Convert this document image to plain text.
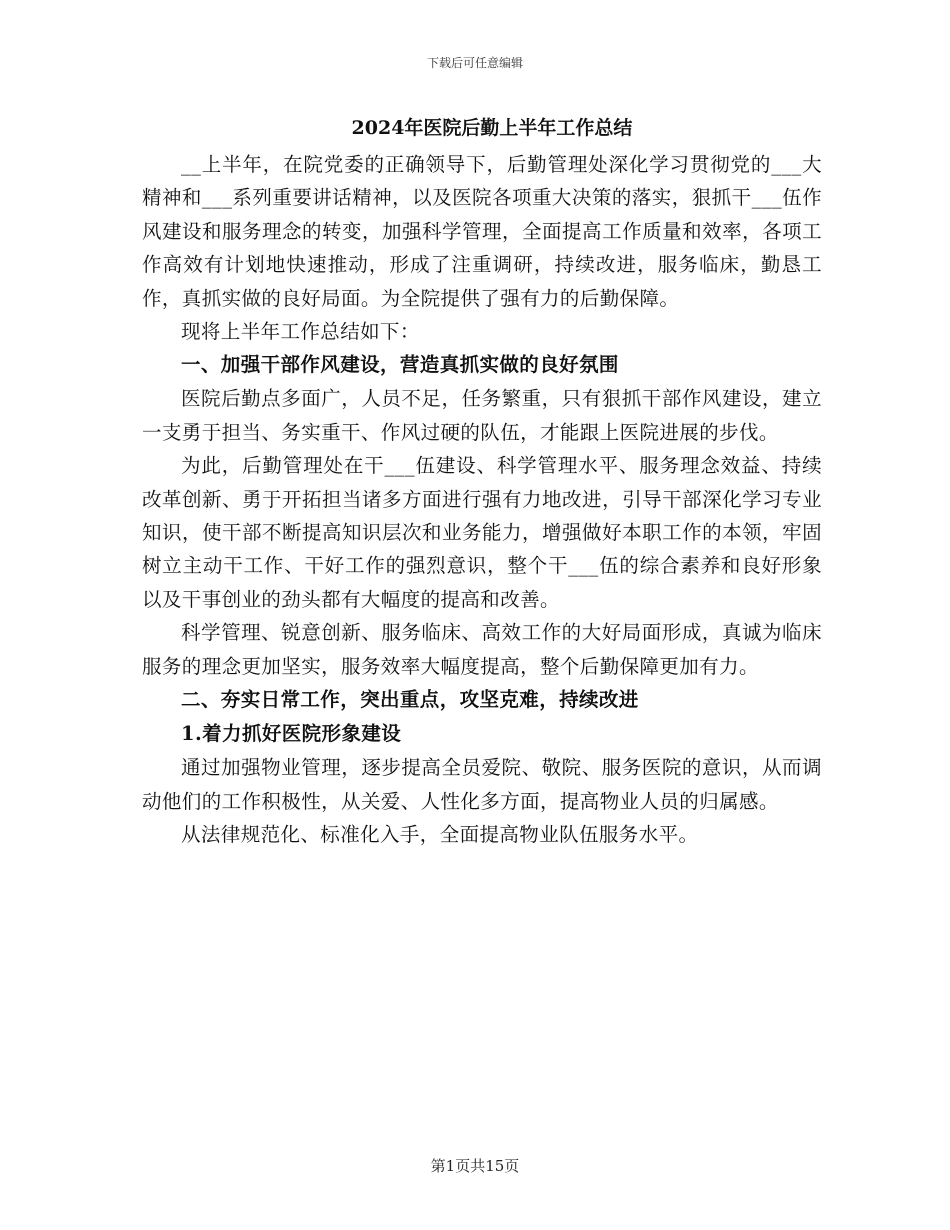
下载后可任意编辑
2024年医院后勤上半年工作总结

__上半年，在院党委的正确领导下，后勤管理处深化学习贯彻党的___大精神和___系列重要讲话精神，以及医院各项重大决策的落实，狠抓干___伍作风建设和服务理念的转变，加强科学管理，全面提高工作质量和效率，各项工作高效有计划地快速推动，形成了注重调研，持续改进，服务临床，勤恳工作，真抓实做的良好局面。为全院提供了强有力的后勤保障。

现将上半年工作总结如下：

一、加强干部作风建设，营造真抓实做的良好氛围

医院后勤点多面广，人员不足，任务繁重，只有狠抓干部作风建设，建立一支勇于担当、务实重干、作风过硬的队伍，才能跟上医院进展的步伐。

为此，后勤管理处在干___伍建设、科学管理水平、服务理念效益、持续改革创新、勇于开拓担当诸多方面进行强有力地改进，引导干部深化学习专业知识，使干部不断提高知识层次和业务能力，增强做好本职工作的本领，牢固树立主动干工作、干好工作的强烈意识，整个干___伍的综合素养和良好形象以及干事创业的劲头都有大幅度的提高和改善。

科学管理、锐意创新、服务临床、高效工作的大好局面形成，真诚为临床服务的理念更加坚实，服务效率大幅度提高，整个后勤保障更加有力。

二、夯实日常工作，突出重点，攻坚克难，持续改进

1.着力抓好医院形象建设

通过加强物业管理，逐步提高全员爱院、敬院、服务医院的意识，从而调动他们的工作积极性，从关爱、人性化多方面，提高物业人员的归属感。

从法律规范化、标准化入手，全面提高物业队伍服务水平。

第1页共15页
